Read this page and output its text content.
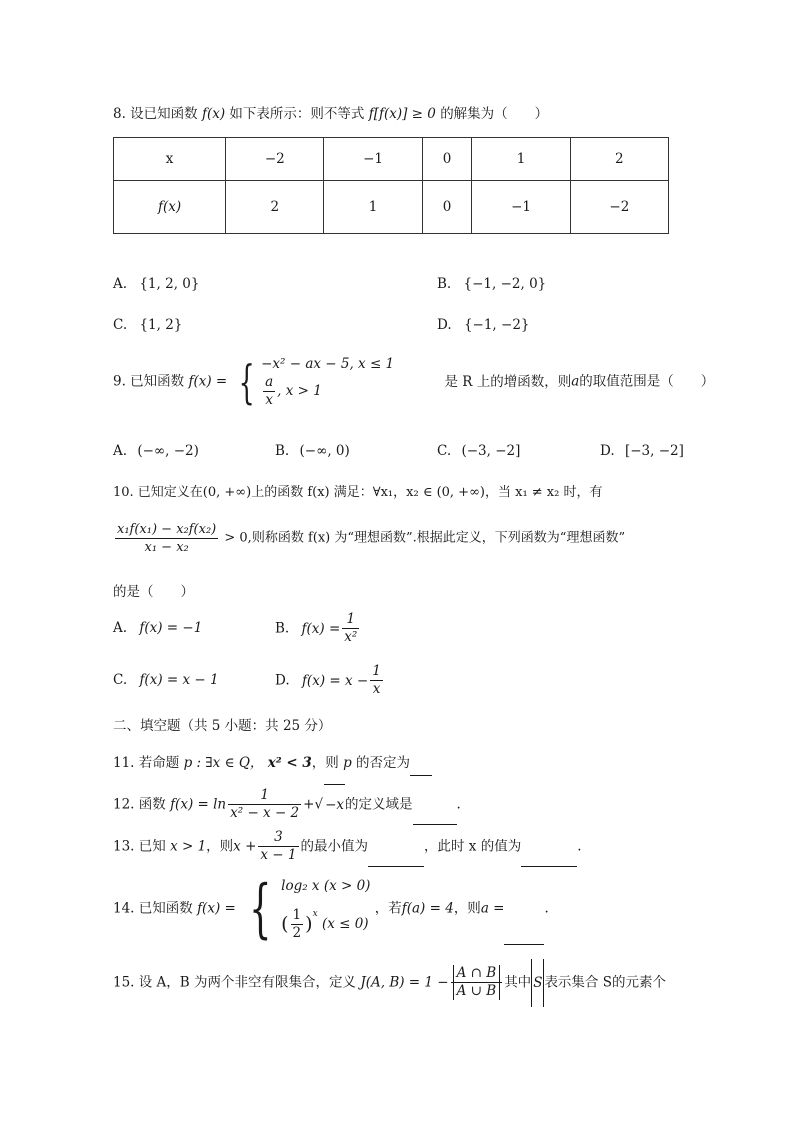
8. 设已知函数 f(x) 如下表所示：则不等式 f[f(x)] ≥ 0 的解集为（　　）
x	−2	−1	0	1	2
f(x)	2	1	0	−1	−2
A. {1, 2, 0}	B. {−1, −2, 0}
C. {1, 2}	D. {−1, −2}
9. 已知函数 f(x) = { −x² − ax − 5, x ≤ 1
$\frac{a}{x}$ , x > 1
是 R 上的增函数，则a的取值范围是（　　）
A. (−∞, −2)	B. (−∞, 0)	C. (−3, −2]	D. [−3, −2]
10. 已知定义在(0, +∞)上的函数 f(x) 满足：∀x₁，x₂ ∈ (0, +∞)，当 x₁ ≠ x₂ 时，有
$\frac{\text{x₁f(x₁) − x₂f(x₂)}}{\text{x₁ − x₂}} > 0$,则称函数 f(x) 为“理想函数”.根据此定义，下列函数为“理想函数”
的是（　　）
A. f(x) = −1	B. $f(x) = \frac{1}{\text{x²}}$
C. f(x) = x − 1	D. $f(x) = x - \frac{1}{x}$
二、填空题（共 5 小题：共 25 分）
11. 若命题 p : ∃x ∈ Q， x² < 3，则 p 的否定为
12. 函数 $f(x) = \ln \frac{1}{\text{x² − x − 2}}$ +√ −x的定义域是	.
13. 已知 x > 1，则$x + \frac{3}{x - 1}$ 的最小值为	，此时 x 的值为	.
14. 已知函数 f(x) = { log₂ x (x > 0)
( $\frac{1}{2} )^x$ (x ≤ 0)
，若f(a) = 4，则a =	.
15. 设 A，B 为两个非空有限集合，定义 J(A, $B) = 1 - \frac{A \cap B}{A \cup B}$ 其中 S 表示集合 S的元素个
